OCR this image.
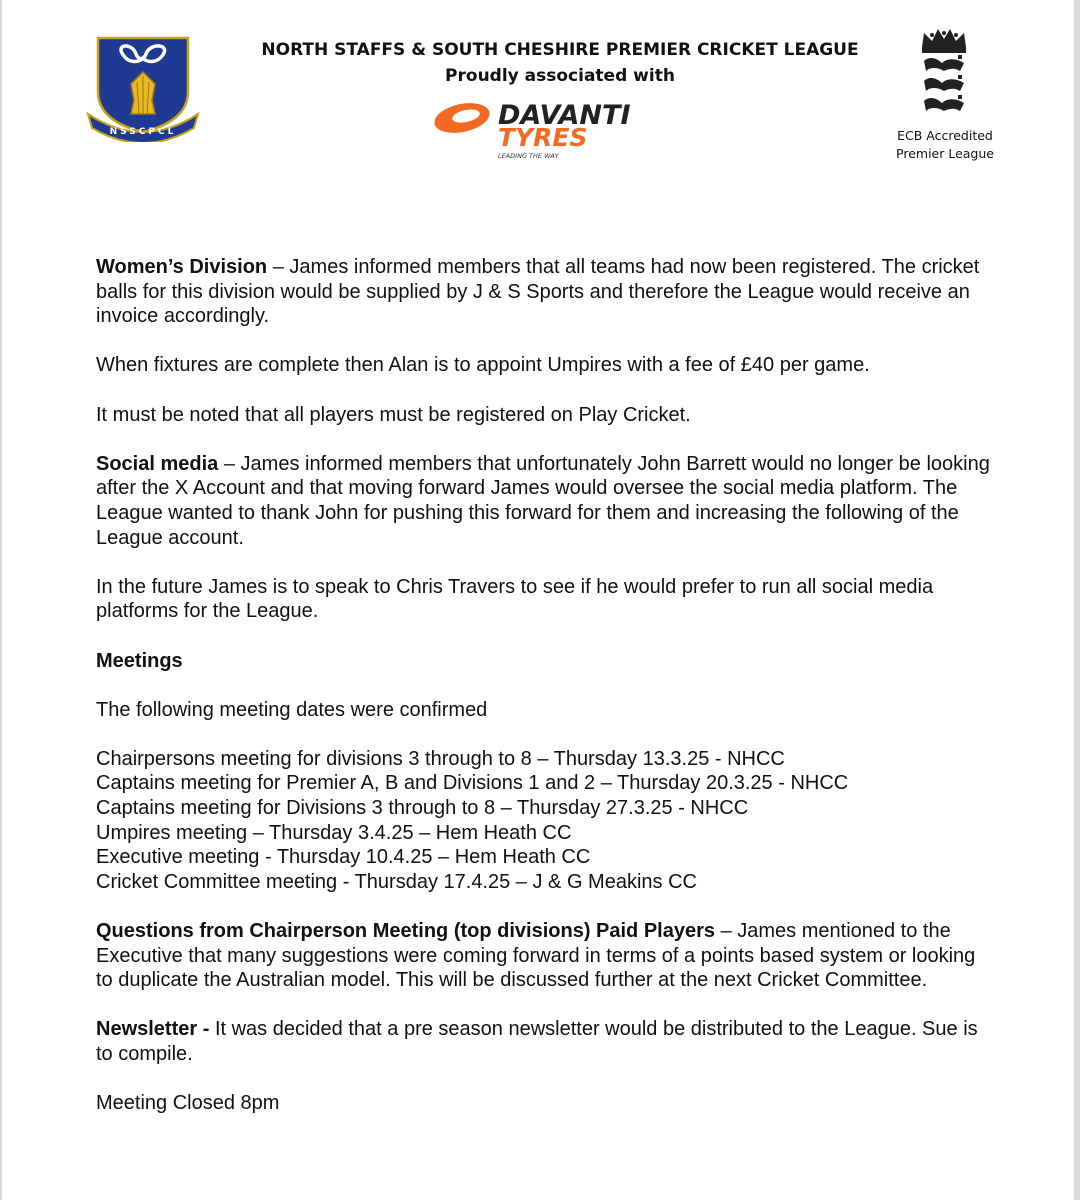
NSSCPCL
NORTH STAFFS & SOUTH CHESHIRE PREMIER CRICKET LEAGUE
Proudly associated with
DAVANTI
TYRES
LEADING THE WAY
ECB Accredited
Premier League

Women’s Division – James informed members that all teams had now been registered. The cricket balls for this division would be supplied by J & S Sports and therefore the League would receive an invoice accordingly.

When fixtures are complete then Alan is to appoint Umpires with a fee of £40 per game.

It must be noted that all players must be registered on Play Cricket.

Social media – James informed members that unfortunately John Barrett would no longer be looking after the X Account and that moving forward James would oversee the social media platform. The League wanted to thank John for pushing this forward for them and increasing the following of the League account.

In the future James is to speak to Chris Travers to see if he would prefer to run all social media platforms for the League.

Meetings

The following meeting dates were confirmed

Chairpersons meeting for divisions 3 through to 8 – Thursday 13.3.25 - NHCC

Captains meeting for Premier A, B and Divisions 1 and 2 – Thursday 20.3.25 - NHCC

Captains meeting for Divisions 3 through to 8 – Thursday 27.3.25 - NHCC

Umpires meeting – Thursday 3.4.25 – Hem Heath CC

Executive meeting - Thursday 10.4.25 – Hem Heath CC

Cricket Committee meeting - Thursday 17.4.25 – J & G Meakins CC

Questions from Chairperson Meeting (top divisions) Paid Players – James mentioned to the Executive that many suggestions were coming forward in terms of a points based system or looking to duplicate the Australian model. This will be discussed further at the next Cricket Committee.

Newsletter - It was decided that a pre season newsletter would be distributed to the League. Sue is to compile.

Meeting Closed 8pm
